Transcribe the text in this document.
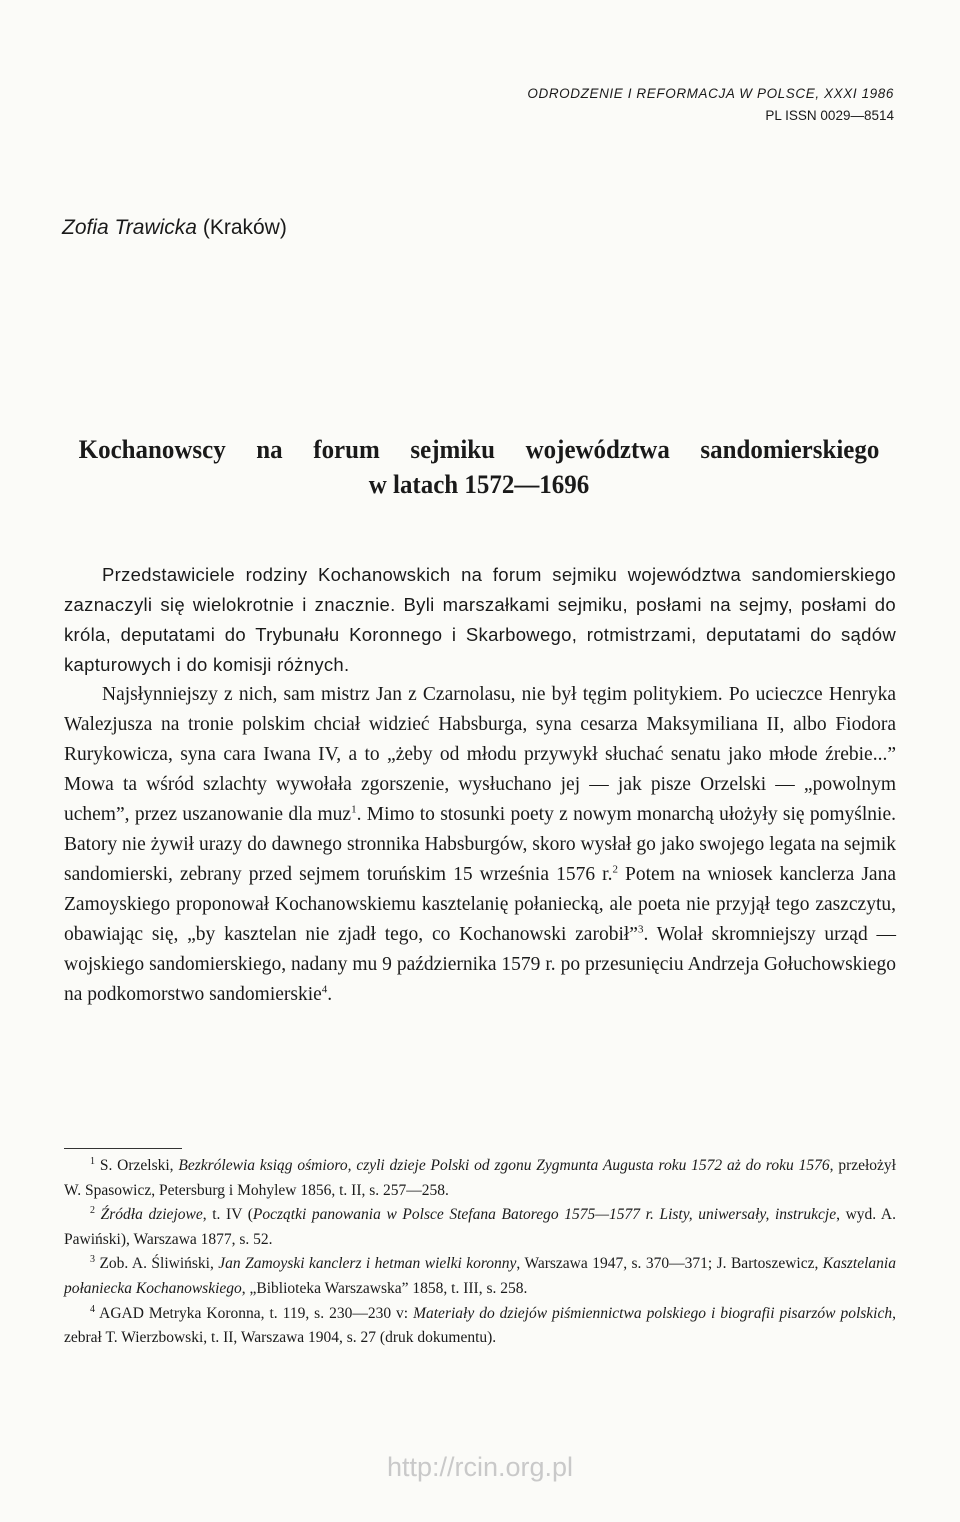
ODRODZENIE I REFORMACJA W POLSCE, XXXI 1986
PL ISSN 0029—8514
Zofia Trawicka (Kraków)
Kochanowscy na forum sejmiku województwa sandomierskiego
w latach 1572—1696

Przedstawiciele rodziny Kochanowskich na forum sejmiku województwa sandomierskiego zaznaczyli się wielokrotnie i znacznie. Byli marszałkami sejmiku, posłami na sejmy, posłami do króla, deputatami do Trybunału Koronnego i Skarbowego, rotmistrzami, deputatami do sądów kapturowych i do komisji różnych.

Najsłynniejszy z nich, sam mistrz Jan z Czarnolasu, nie był tęgim politykiem. Po ucieczce Henryka Walezjusza na tronie polskim chciał widzieć Habsburga, syna cesarza Maksymiliana II, albo Fiodora Rurykowicza, syna cara Iwana IV, a to „żeby od młodu przywykł słuchać senatu jako młode źrebie...” Mowa ta wśród szlachty wywołała zgorszenie, wysłuchano jej — jak pisze Orzelski — „powolnym uchem”, przez uszanowanie dla muz$^1$. Mimo to stosunki poety z nowym monarchą ułożyły się pomyślnie. Batory nie żywił urazy do dawnego stronnika Habsburgów, skoro wysłał go jako swojego legata na sejmik sandomierski, zebrany przed sejmem toruńskim 15 września 1576 r.$^2$ Potem na wniosek kanclerza Jana Zamoyskiego proponował Kochanowskiemu kasztelanię połaniecką, ale poeta nie przyjął tego zaszczytu, obawiając się, „by kasztelan nie zjadł tego, co Kochanowski zarobił”$^3$. Wolał skromniejszy urząd — wojskiego sandomierskiego, nadany mu 9 października 1579 r. po przesunięciu Andrzeja Gołuchowskiego na podkomorstwo sandomierskie$^4$.

$^1$ S. Orzelski, Bezkrólewia ksiąg ośmioro, czyli dzieje Polski od zgonu Zygmunta Augusta roku 1572 aż do roku 1576, przełożył W. Spasowicz, Petersburg i Mohylew 1856, t. II, s. 257—258.

$^2$ Źródła dziejowe, t. IV (Początki panowania w Polsce Stefana Batorego 1575—1577 r. Listy, uniwersały, instrukcje, wyd. A. Pawiński), Warszawa 1877, s. 52.

$^3$ Zob. A. Śliwiński, Jan Zamoyski kanclerz i hetman wielki koronny, Warszawa 1947, s. 370—371; J. Bartoszewicz, Kasztelania połaniecka Kochanowskiego, „Biblioteka Warszawska” 1858, t. III, s. 258.

$^4$ AGAD Metryka Koronna, t. 119, s. 230—230 v: Materiały do dziejów piśmiennictwa polskiego i biografii pisarzów polskich, zebrał T. Wierzbowski, t. II, Warszawa 1904, s. 27 (druk dokumentu).

http://rcin.org.pl
